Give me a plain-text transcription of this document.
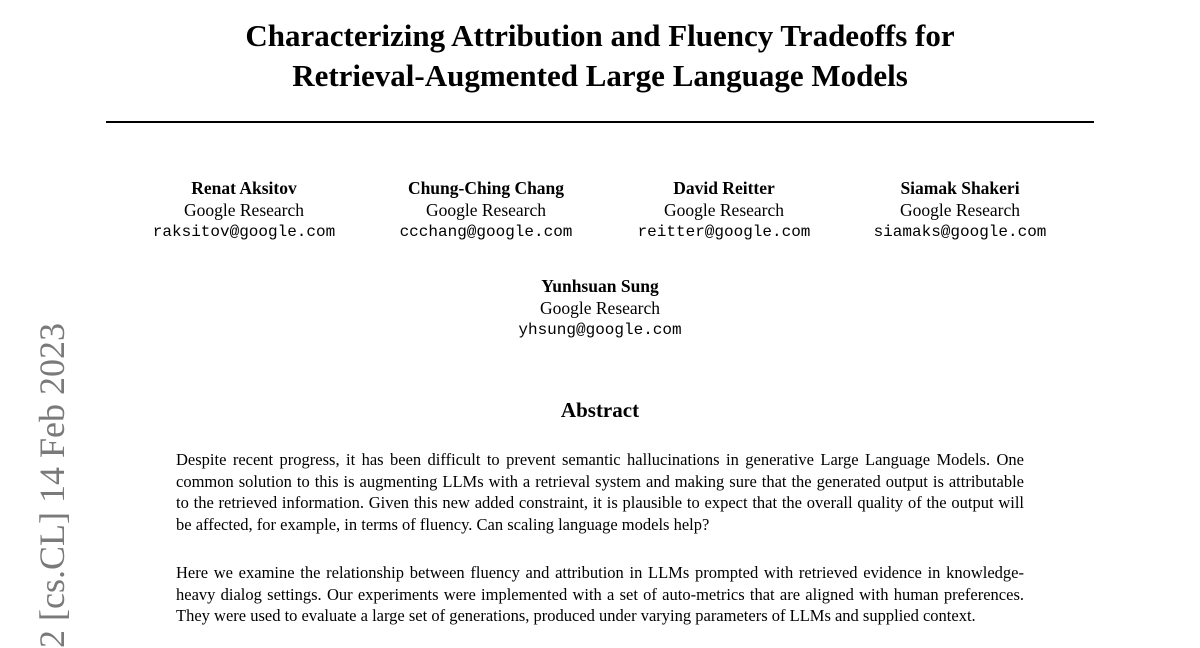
Characterizing Attribution and Fluency Tradeoffs for
Retrieval-Augmented Large Language Models
Renat Aksitov
Google Research
raksitov@google.com
Chung-Ching Chang
Google Research
ccchang@google.com
David Reitter
Google Research
reitter@google.com
Siamak Shakeri
Google Research
siamaks@google.com
Yunhsuan Sung
Google Research
yhsung@google.com
Abstract

Despite recent progress, it has been difficult to prevent semantic hallucinations in generative Large Language Models. One common solution to this is augmenting LLMs with a retrieval system and making sure that the generated output is attributable to the retrieved information. Given this new added constraint, it is plausible to expect that the overall quality of the output will be affected, for example, in terms of fluency. Can scaling language models help?

Here we examine the relationship between fluency and attribution in LLMs prompted with retrieved evidence in knowledge-heavy dialog settings. Our experiments were implemented with a set of auto-metrics that are aligned with human preferences. They were used to evaluate a large set of generations, produced under varying parameters of LLMs and supplied context.

2 [cs.CL] 14 Feb 2023
